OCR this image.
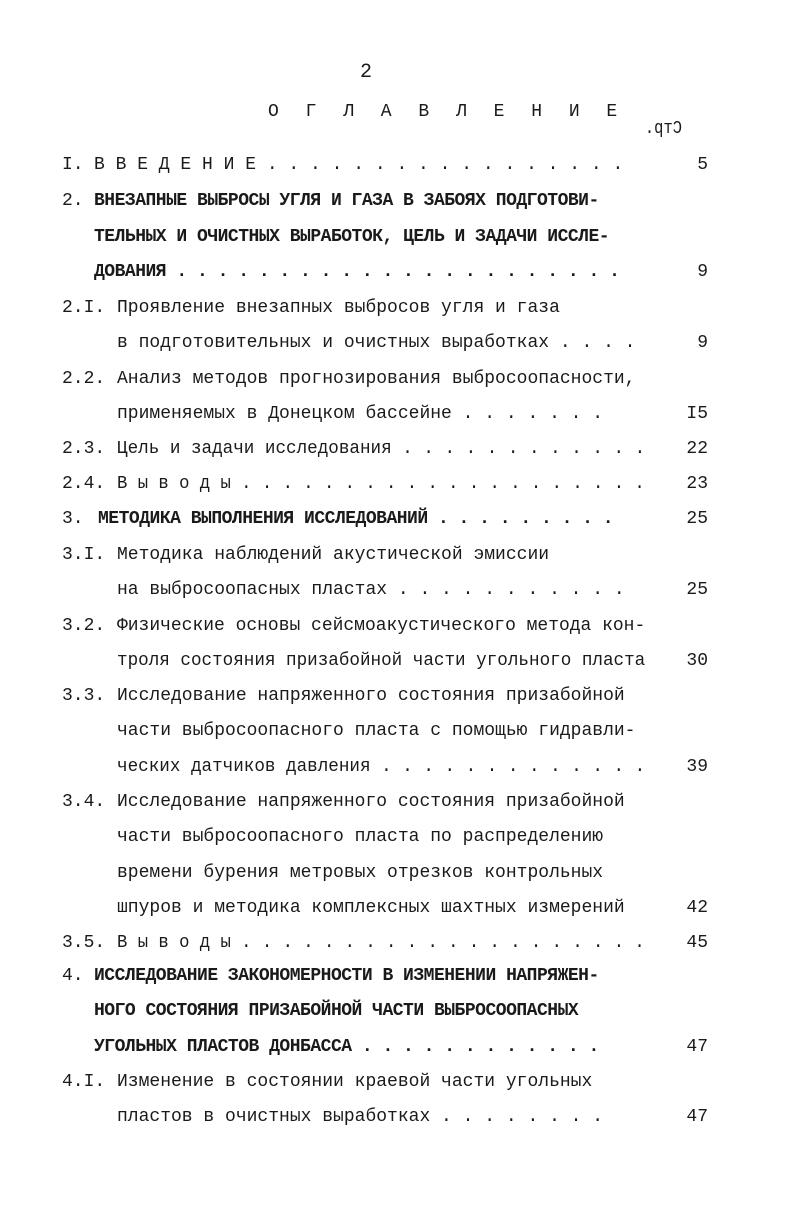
2
О Г Л А В Л Е Н И Е
Стр.
I. В В Е Д Е Н И Е . . . . . . . . . . . . . . . . .	5
2. ВНЕЗАПНЫЕ ВЫБРОСЫ УГЛЯ И ГАЗА В ЗАБОЯХ ПОДГОТОВИ-
ТЕЛЬНЫХ И ОЧИСТНЫХ ВЫРАБОТОК, ЦЕЛЬ И ЗАДАЧИ ИССЛЕ-
ДОВАНИЯ . . . . . . . . . . . . . . . . . . . . . .	9
2.I. Проявление внезапных выбросов угля и газа
в подготовительных и очистных выработках . . . .	9
2.2. Анализ методов прогнозирования выбросоопасности,
применяемых в Донецком бассейне . . . . . . .	I5
2.3. Цель и задачи исследования . . . . . . . . . . . .	22
2.4. В ы в о д ы . . . . . . . . . . . . . . . . . . . .	23
3. МЕТОДИКА ВЫПОЛНЕНИЯ ИССЛЕДОВАНИЙ . . . . . . . . .	25
3.I. Методика наблюдений акустической эмиссии
на выбросоопасных пластах . . . . . . . . . . .	25
3.2. Физические основы сейсмоакустического метода кон-
троля состояния призабойной части угольного пласта	30
3.3. Исследование напряженного состояния призабойной
части выбросоопасного пласта с помощью гидравли-
ческих датчиков давления . . . . . . . . . . . . .	39
3.4. Исследование напряженного состояния призабойной
части выбросоопасного пласта по распределению
времени бурения метровых отрезков контрольных
шпуров и методика комплексных шахтных измерений	42
3.5. В ы в о д ы . . . . . . . . . . . . . . . . . . . .	45
4. ИССЛЕДОВАНИЕ ЗАКОНОМЕРНОСТИ В ИЗМЕНЕНИИ НАПРЯЖЕН-
НОГО СОСТОЯНИЯ ПРИЗАБОЙНОЙ ЧАСТИ ВЫБРОСООПАСНЫХ
УГОЛЬНЫХ ПЛАСТОВ ДОНБАССА . . . . . . . . . . . .	47
4.I. Изменение в состоянии краевой части угольных
пластов в очистных выработках . . . . . . . .	47
